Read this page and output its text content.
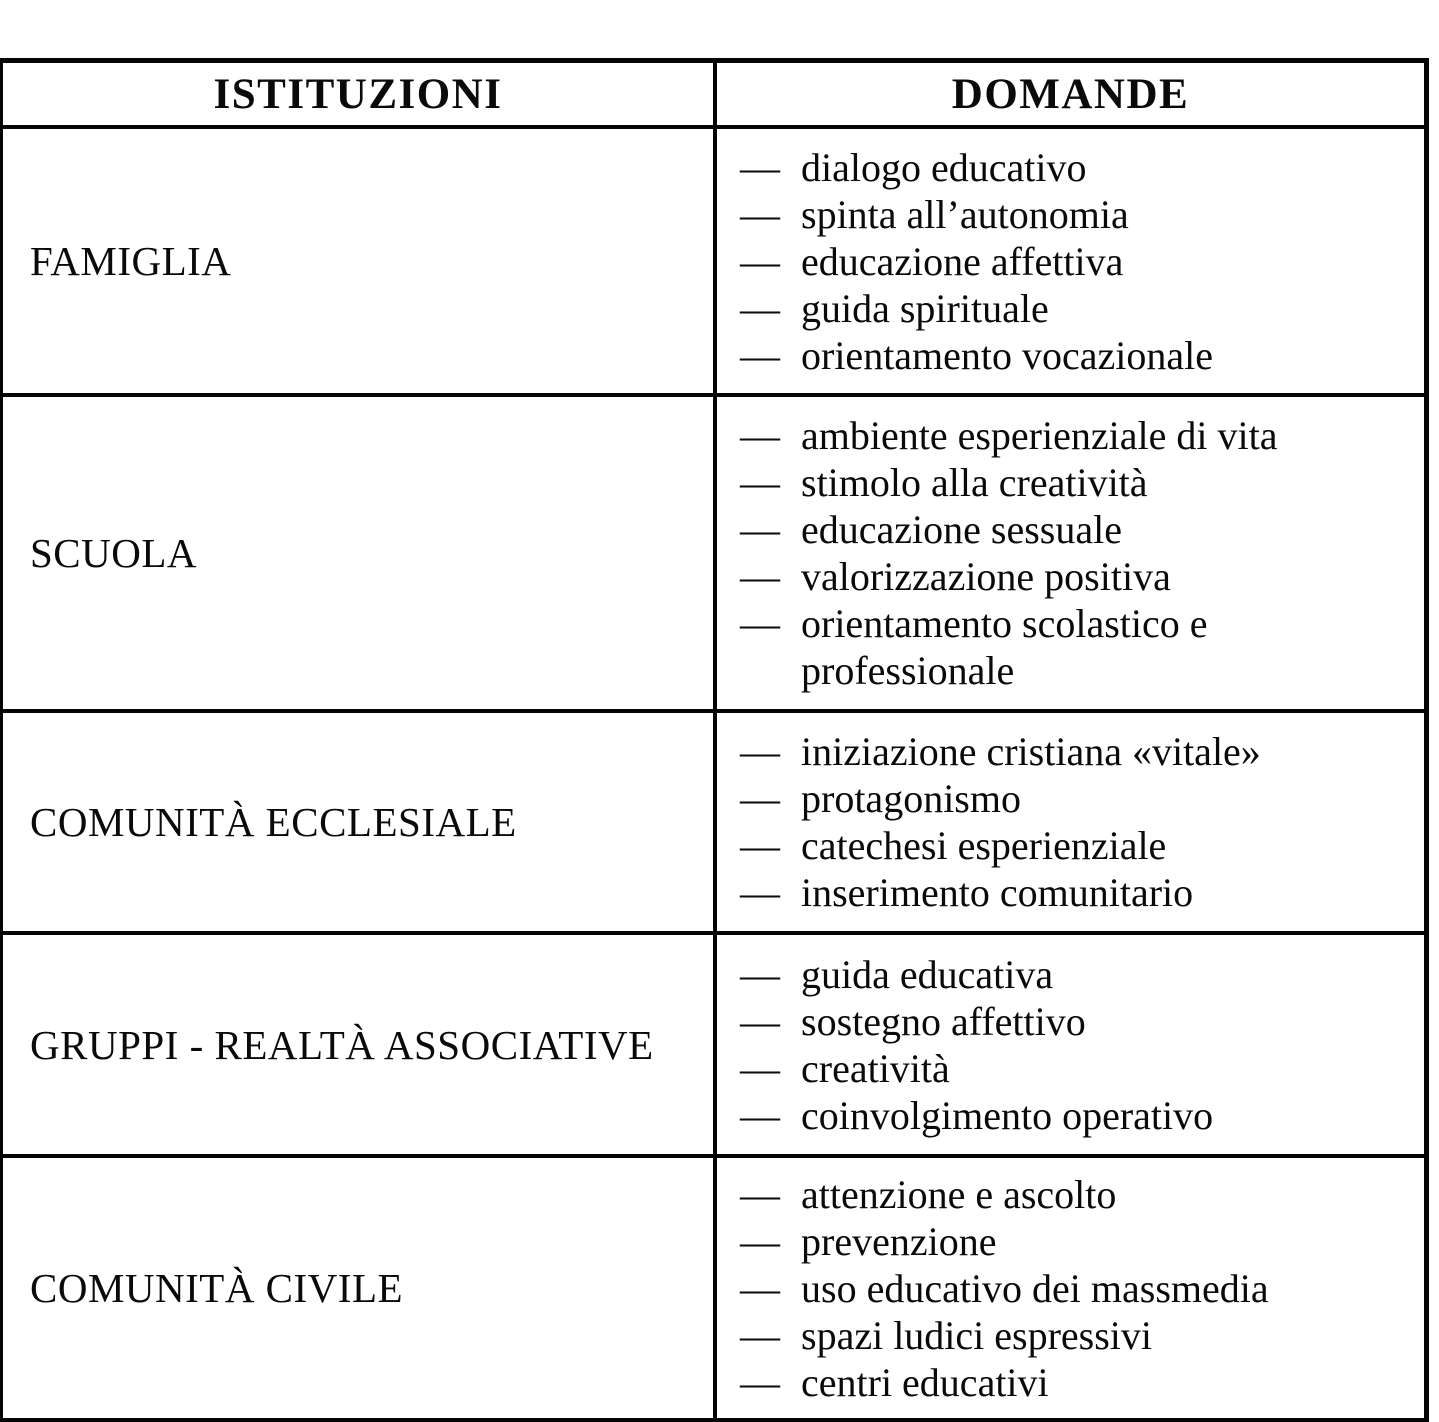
ISTITUZIONI	DOMANDE
FAMIGLIA
— dialogo educativo
— spinta all’autonomia
— educazione affettiva
— guida spirituale
— orientamento vocazionale
SCUOLA
— ambiente esperienziale di vita
— stimolo alla creatività
— educazione sessuale
— valorizzazione positiva
— orientamento scolastico e professionale
COMUNITÀ ECCLESIALE
— iniziazione cristiana «vitale»
— protagonismo
— catechesi esperienziale
— inserimento comunitario
GRUPPI - REALTÀ ASSOCIATIVE
— guida educativa
— sostegno affettivo
— creatività
— coinvolgimento operativo
COMUNITÀ CIVILE
— attenzione e ascolto
— prevenzione
— uso educativo dei massmedia
— spazi ludici espressivi
— centri educativi
